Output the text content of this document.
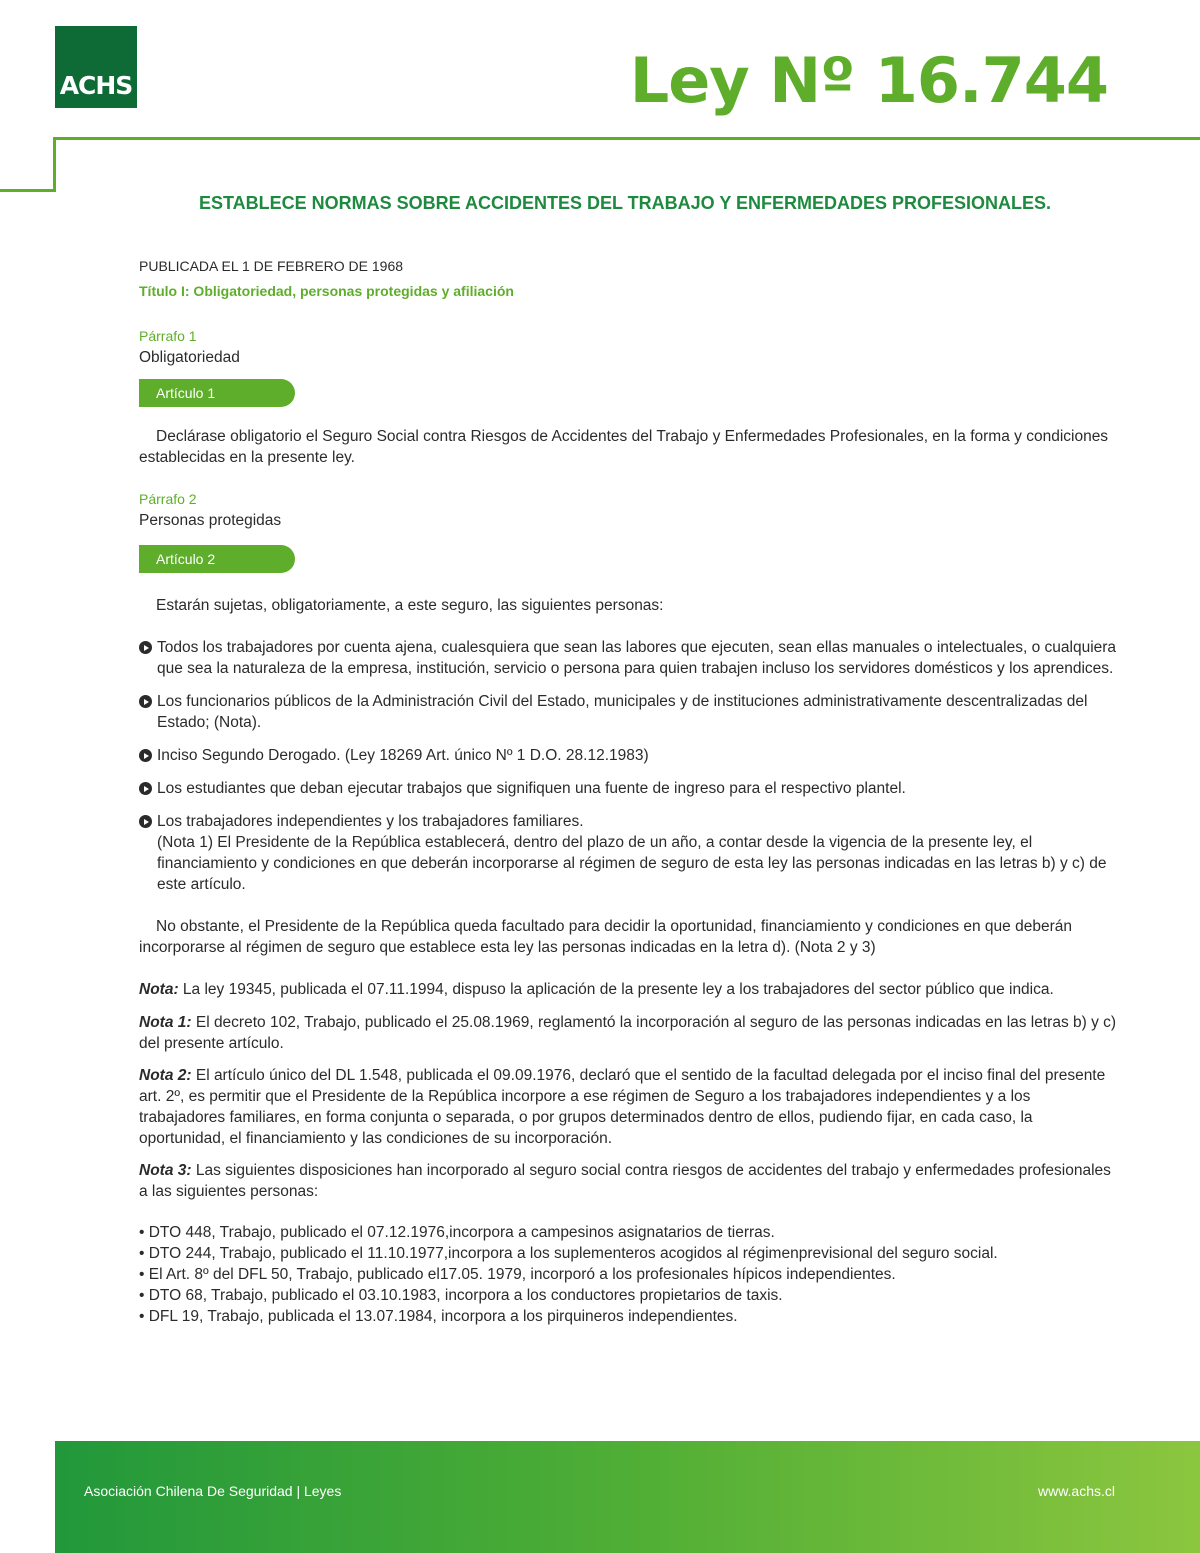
ACHS	Ley Nº 16.744
ESTABLECE NORMAS SOBRE ACCIDENTES DEL TRABAJO Y ENFERMEDADES PROFESIONALES.

PUBLICADA EL 1 DE FEBRERO DE 1968

Título I: Obligatoriedad, personas protegidas y afiliación

Párrafo 1

Obligatoriedad

Artículo 1

Declárase obligatorio el Seguro Social contra Riesgos de Accidentes del Trabajo y Enfermedades Profesionales, en la forma y condiciones establecidas en la presente ley.

Párrafo 2

Personas protegidas

Artículo 2

Estarán sujetas, obligatoriamente, a este seguro, las siguientes personas:

Todos los trabajadores por cuenta ajena, cualesquiera que sean las labores que ejecuten, sean ellas manuales o intelectuales, o cualquiera que sea la naturaleza de la empresa, institución, servicio o persona para quien trabajen incluso los servidores domésticos y los aprendices.
Los funcionarios públicos de la Administración Civil del Estado, municipales y de instituciones administrativamente descentralizadas del Estado; (Nota).
Inciso Segundo Derogado. (Ley 18269 Art. único Nº 1 D.O. 28.12.1983)
Los estudiantes que deban ejecutar trabajos que signifiquen una fuente de ingreso para el respectivo plantel.
Los trabajadores independientes y los trabajadores familiares.
(Nota 1) El Presidente de la República establecerá, dentro del plazo de un año, a contar desde la vigencia de la presente ley, el financiamiento y condiciones en que deberán incorporarse al régimen de seguro de esta ley las personas indicadas en las letras b) y c) de este artículo.

No obstante, el Presidente de la República queda facultado para decidir la oportunidad, financiamiento y condiciones en que deberán incorporarse al régimen de seguro que establece esta ley las personas indicadas en la letra d). (Nota 2 y 3)

Nota: La ley 19345, publicada el 07.11.1994, dispuso la aplicación de la presente ley a los trabajadores del sector público que indica.

Nota 1: El decreto 102, Trabajo, publicado el 25.08.1969, reglamentó la incorporación al seguro de las personas indicadas en las letras b) y c) del presente artículo.

Nota 2: El artículo único del DL 1.548, publicada el 09.09.1976, declaró que el sentido de la facultad delegada por el inciso final del presente art. 2º, es permitir que el Presidente de la República incorpore a ese régimen de Seguro a los trabajadores independientes y a los trabajadores familiares, en forma conjunta o separada, o por grupos determinados dentro de ellos, pudiendo fijar, en cada caso, la oportunidad, el financiamiento y las condiciones de su incorporación.

Nota 3: Las siguientes disposiciones han incorporado al seguro social contra riesgos de accidentes del trabajo y enfermedades profesionales a las siguientes personas:

• DTO 448, Trabajo, publicado el 07.12.1976,incorpora a campesinos asignatarios de tierras.
• DTO 244, Trabajo, publicado el 11.10.1977,incorpora a los suplementeros acogidos al régimenprevisional del seguro social.
• El Art. 8º del DFL 50, Trabajo, publicado el17.05. 1979, incorporó a los profesionales hípicos independientes.
• DTO 68, Trabajo, publicado el 03.10.1983, incorpora a los conductores propietarios de taxis.
• DFL 19, Trabajo, publicada el 13.07.1984, incorpora a los pirquineros independientes.
Asociación Chilena De Seguridad | Leyes	www.achs.cl
